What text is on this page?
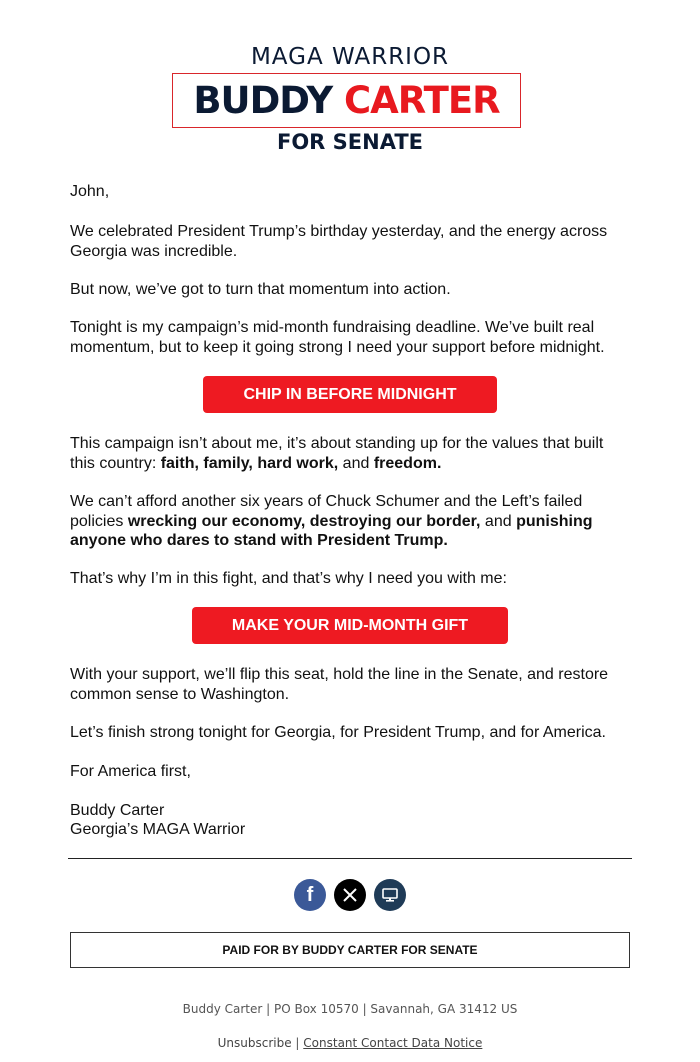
MAGA WARRIOR
BUDDY CARTER
FOR SENATE

John,

We celebrated President Trump’s birthday yesterday, and the energy across Georgia was incredible.

But now, we’ve got to turn that momentum into action.

Tonight is my campaign’s mid-month fundraising deadline. We’ve built real momentum, but to keep it going strong I need your support before midnight.

CHIP IN BEFORE MIDNIGHT

This campaign isn’t about me, it’s about standing up for the values that built this country: faith, family, hard work, and freedom.

We can’t afford another six years of Chuck Schumer and the Left’s failed policies wrecking our economy, destroying our border, and punishing anyone who dares to stand with President Trump.

That’s why I’m in this fight, and that’s why I need you with me:

MAKE YOUR MID-MONTH GIFT

With your support, we’ll flip this seat, hold the line in the Senate, and restore common sense to Washington.

Let’s finish strong tonight for Georgia, for President Trump, and for America.

For America first,

Buddy Carter

Georgia’s MAGA Warrior

f
PAID FOR BY BUDDY CARTER FOR SENATE
Buddy Carter | PO Box 10570 | Savannah, GA 31412 US
Unsubscribe | Constant Contact Data Notice
